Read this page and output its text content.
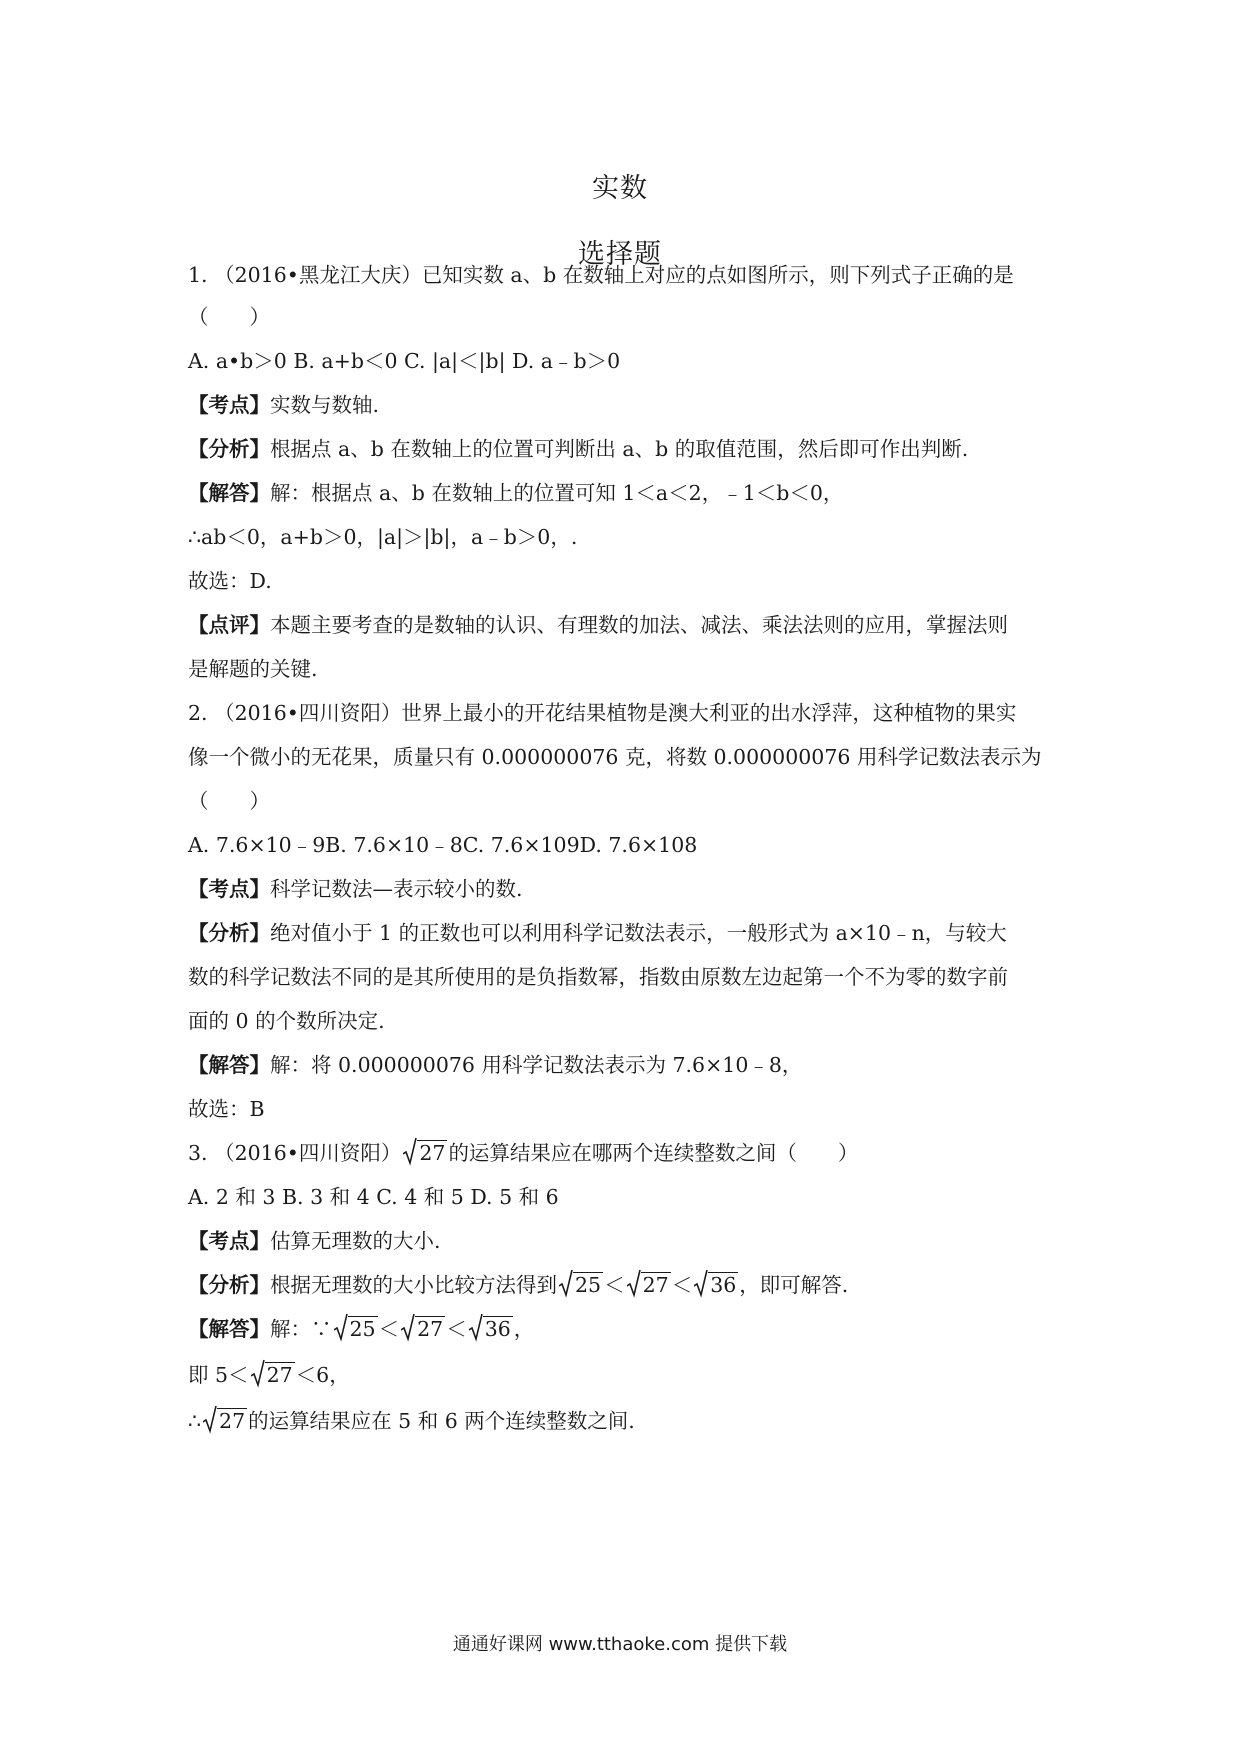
实数
选择题
1. （2016•黑龙江大庆）已知实数 a、b 在数轴上对应的点如图所示，则下列式子正确的是
（　　）
A. a•b＞0 B. a+b＜0 C. |a|＜|b| D. a﹣b＞0
【考点】实数与数轴.
【分析】根据点 a、b 在数轴上的位置可判断出 a、b 的取值范围，然后即可作出判断.
【解答】解：根据点 a、b 在数轴上的位置可知 1＜a＜2，﹣1＜b＜0，
∴ab＜0，a+b＞0，|a|＞|b|，a﹣b＞0，.
故选：D.
【点评】本题主要考查的是数轴的认识、有理数的加法、减法、乘法法则的应用，掌握法则
是解题的关键.
2. （2016•四川资阳）世界上最小的开花结果植物是澳大利亚的出水浮萍，这种植物的果实
像一个微小的无花果，质量只有 0.000000076 克，将数 0.000000076 用科学记数法表示为
（　　）
A. 7.6×10﹣9B. 7.6×10﹣8C. 7.6×109D. 7.6×108
【考点】科学记数法—表示较小的数.
【分析】绝对值小于 1 的正数也可以利用科学记数法表示，一般形式为 a×10﹣n，与较大
数的科学记数法不同的是其所使用的是负指数幂，指数由原数左边起第一个不为零的数字前
面的 0 的个数所决定.
【解答】解：将 0.000000076 用科学记数法表示为 7.6×10﹣8，
故选：B
3. （2016•四川资阳） 27 的运算结果应在哪两个连续整数之间（　　）
A. 2 和 3 B. 3 和 4 C. 4 和 5 D. 5 和 6
【考点】估算无理数的大小.
【分析】根据无理数的大小比较方法得到 25 ＜ 27 ＜ 36 ，即可解答.
【解答】解：∵ 25 ＜ 27 ＜ 36 ，
即 5＜ 27 ＜6，
∴ 27 的运算结果应在 5 和 6 两个连续整数之间.
通通好课网 www.tthaoke.com 提供下载
